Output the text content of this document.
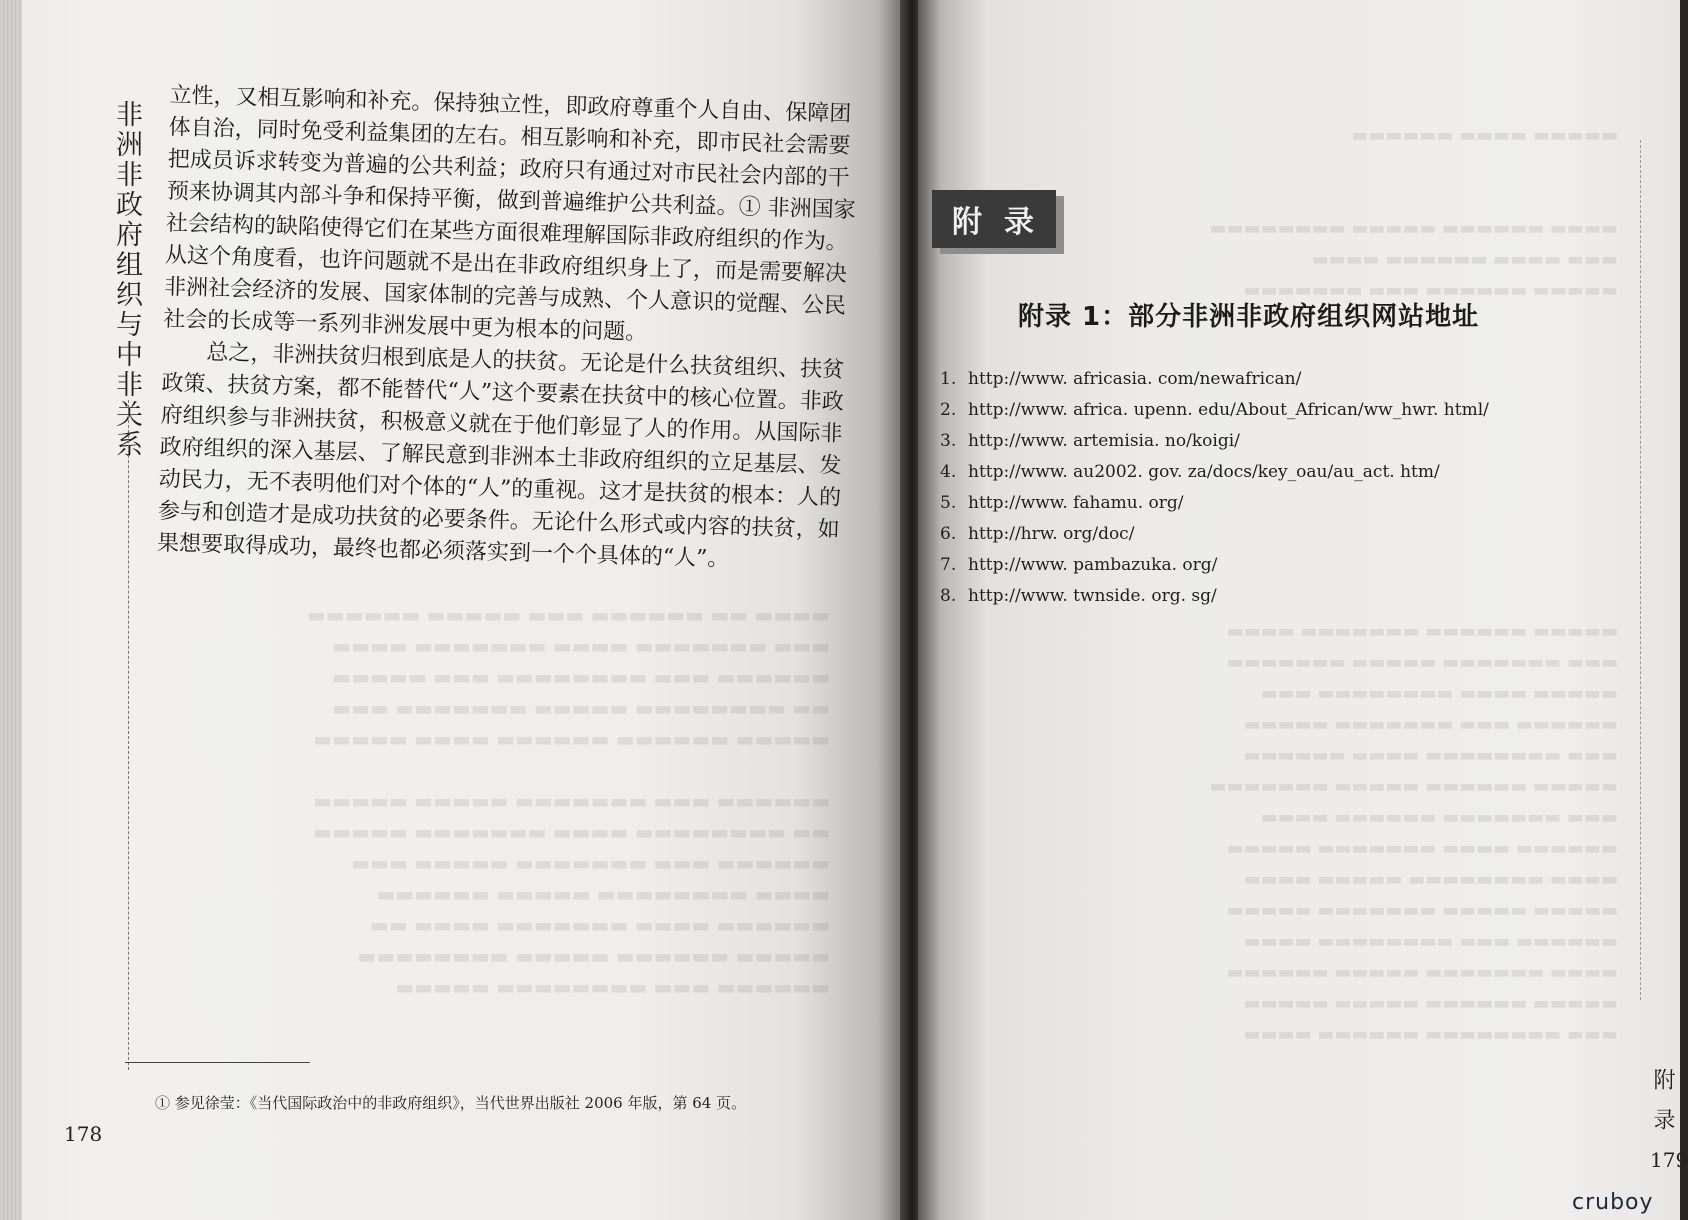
▬▬▬▬ ▬▬ ▬▬▬▬▬▬ ▬▬▬ ▬▬▬▬▬ ▬▬▬▬▬▬
▬▬▬ ▬▬▬▬▬▬▬ ▬▬▬▬ ▬▬▬▬▬▬▬ ▬▬▬▬
▬▬▬▬▬▬ ▬▬▬ ▬▬▬▬▬▬▬▬ ▬▬▬ ▬▬▬▬▬
▬▬ ▬▬▬▬▬▬▬▬ ▬▬▬▬▬ ▬▬▬▬▬▬▬ ▬▬▬
▬▬▬▬▬ ▬▬▬▬▬▬ ▬▬▬▬▬▬ ▬▬▬▬ ▬▬▬▬▬

▬▬▬▬▬▬ ▬▬▬ ▬▬▬▬▬▬▬ ▬▬▬▬▬ ▬▬▬▬▬
▬▬ ▬▬▬▬▬▬▬▬ ▬▬▬▬ ▬▬▬▬▬▬▬ ▬▬▬▬▬
▬▬▬▬▬▬ ▬▬▬ ▬▬▬▬▬▬▬ ▬▬▬▬▬ ▬▬▬
▬▬▬▬ ▬▬▬▬▬▬▬▬ ▬▬▬▬▬ ▬▬▬▬▬▬
▬▬▬▬▬▬ ▬▬▬▬ ▬▬▬▬▬▬▬ ▬▬▬▬ ▬▬
▬▬▬▬▬ ▬▬▬▬▬▬ ▬▬▬▬▬ ▬▬▬▬▬▬▬▬
▬▬▬▬▬▬ ▬▬▬ ▬▬▬▬▬▬▬▬ ▬▬▬▬▬
非洲非政府组织与中非关系 立性，又相互影响和补充。保持独立性，即政府尊重个人自由、保障团体自治，同时免受利益集团的左右。相互影响和补充，即市民社会需要把成员诉求转变为普遍的公共利益；政府只有通过对市民社会内部的干预来协调其内部斗争和保持平衡，做到普遍维护公共利益。① 非洲国家社会结构的缺陷使得它们在某些方面很难理解国际非政府组织的作为。从这个角度看，也许问题就不是出在非政府组织身上了，而是需要解决非洲社会经济的发展、国家体制的完善与成熟、个人意识的觉醒、公民社会的长成等一系列非洲发展中更为根本的问题。

总之，非洲扶贫归根到底是人的扶贫。无论是什么扶贫组织、扶贫政策、扶贫方案，都不能替代“人”这个要素在扶贫中的核心位置。非政府组织参与非洲扶贫，积极意义就在于他们彰显了人的作用。从国际非政府组织的深入基层、了解民意到非洲本土非政府组织的立足基层、发动民力，无不表明他们对个体的“人”的重视。这才是扶贫的根本：人的参与和创造才是成功扶贫的必要条件。无论什么形式或内容的扶贫，如果想要取得成功，最终也都必须落实到一个个具体的“人”。

① 参见徐莹：《当代国际政治中的非政府组织》，当代世界出版社 2006 年版，第 64 页。
178
▬▬▬▬▬ ▬▬▬▬ ▬▬▬▬▬▬

▬▬▬▬ ▬▬▬▬▬▬ ▬▬▬▬▬ ▬▬▬▬▬▬▬▬
▬▬▬ ▬▬▬▬ ▬▬▬▬▬▬ ▬▬▬▬
▬▬▬▬▬ ▬▬▬▬▬▬ ▬▬▬ ▬▬▬▬▬▬▬

▬▬▬▬▬ ▬▬▬▬▬▬ ▬▬▬▬▬▬▬ ▬▬▬▬
▬▬▬ ▬▬▬▬▬▬▬ ▬▬▬▬▬ ▬▬▬▬▬▬▬
▬▬▬▬▬ ▬▬▬▬ ▬▬▬▬▬▬▬▬ ▬▬▬
▬▬▬▬▬▬ ▬▬▬ ▬▬▬▬▬▬▬ ▬▬▬▬▬
▬▬▬ ▬▬▬▬▬▬▬▬ ▬▬▬▬ ▬▬▬▬▬▬
▬▬▬▬▬ ▬▬▬▬▬▬ ▬▬▬▬▬ ▬▬▬▬▬▬▬
▬▬▬ ▬▬▬▬▬▬▬ ▬▬▬▬▬▬ ▬▬▬▬
▬▬▬▬▬▬ ▬▬▬▬ ▬▬▬▬▬▬▬ ▬▬▬▬▬
▬▬▬▬ ▬▬▬▬▬▬▬▬ ▬▬▬▬▬ ▬▬▬▬
▬▬▬▬▬ ▬▬▬▬▬ ▬▬▬▬▬▬▬ ▬▬▬▬▬
▬▬▬▬▬▬ ▬▬▬ ▬▬▬▬▬▬▬▬ ▬▬▬▬
▬▬▬▬ ▬▬▬▬▬▬▬ ▬▬▬▬▬ ▬▬▬▬▬▬
▬▬▬▬▬ ▬▬▬▬▬▬ ▬▬▬▬▬ ▬▬▬▬▬
▬▬▬ ▬▬▬▬▬▬▬▬ ▬▬▬▬▬▬ ▬▬▬▬
附录
附录 1：部分非洲非政府组织网站地址
1. http://www. africasia. com/newafrican/
2. http://www. africa. upenn. edu/About_African/ww_hwr. html/
3. http://www. artemisia. no/koigi/
4. http://www. au2002. gov. za/docs/key_oau/au_act. htm/
5. http://www. fahamu. org/
6. http://hrw. org/doc/
7. http://www. pambazuka. org/
8. http://www. twnside. org. sg/
附录
179
cruboy
